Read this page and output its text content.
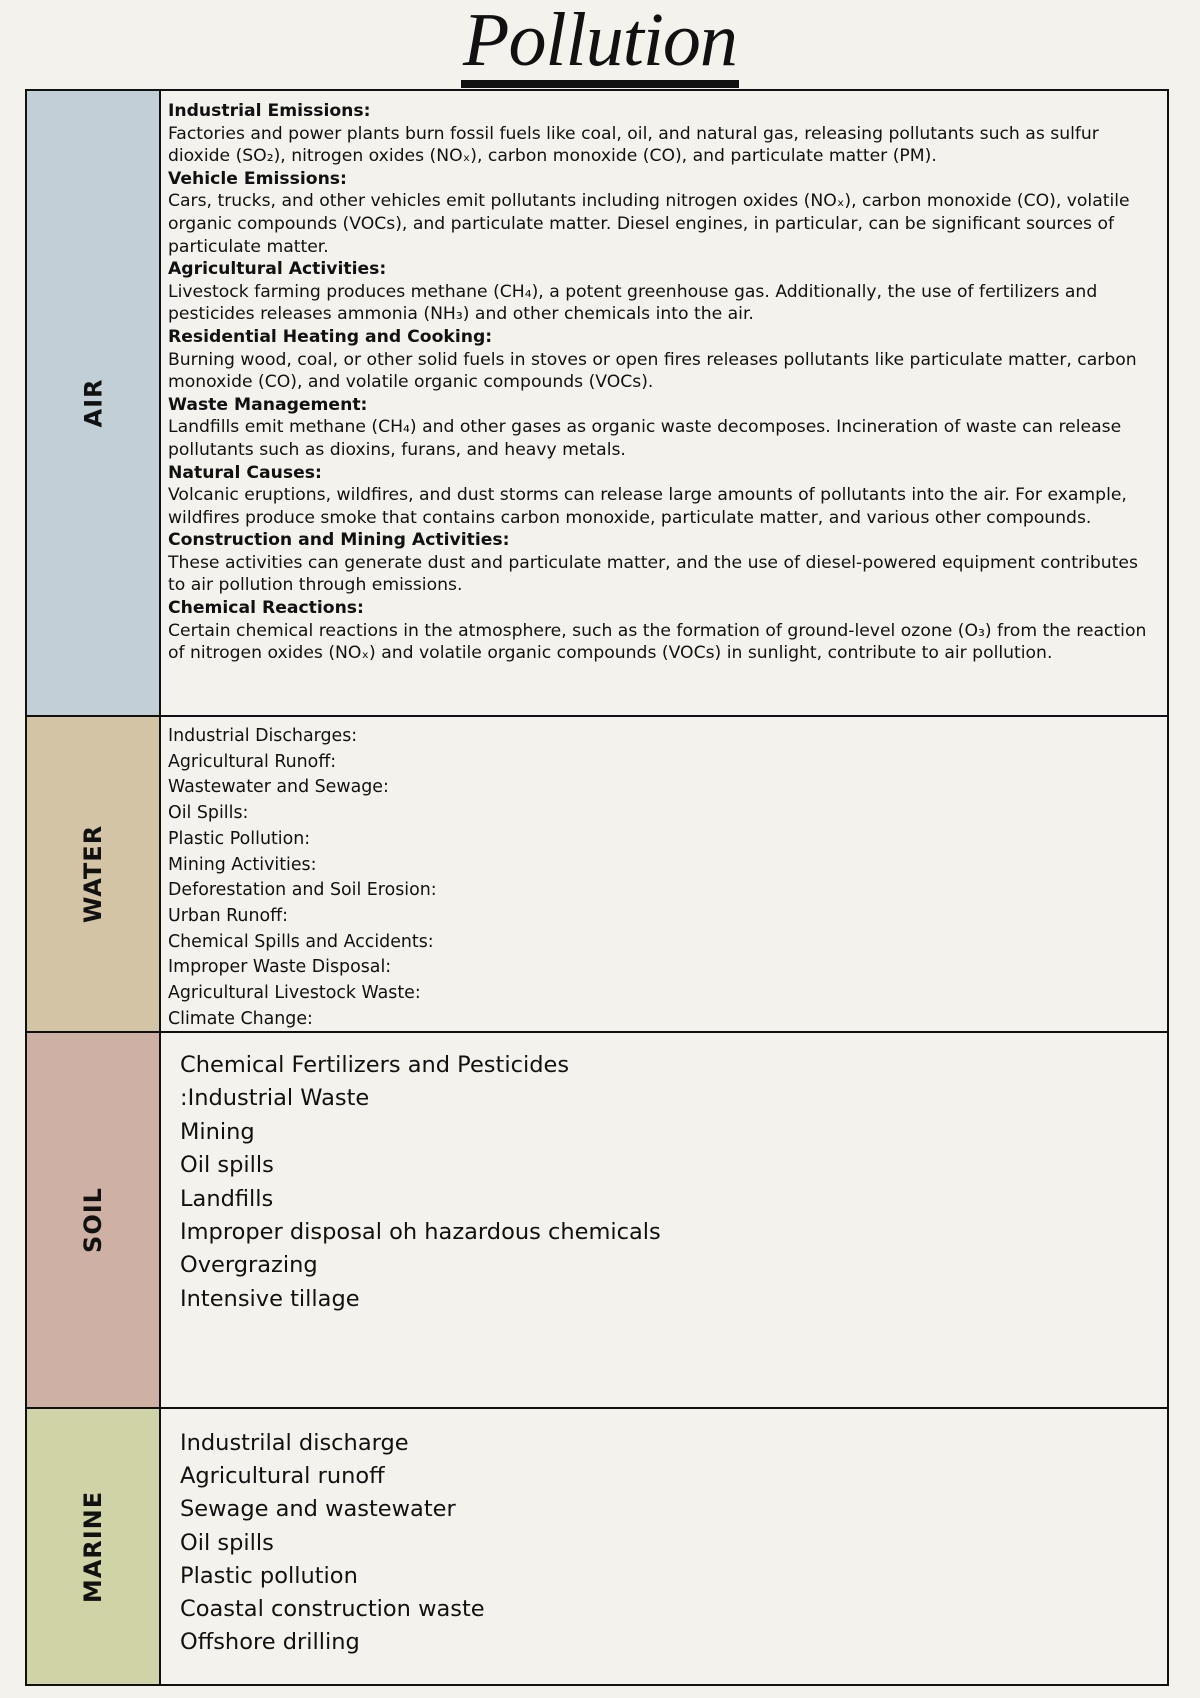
Pollution
AIR
Industrial Emissions:

Factories and power plants burn fossil fuels like coal, oil, and natural gas, releasing pollutants such as sulfur dioxide (SO₂), nitrogen oxides (NOₓ), carbon monoxide (CO), and particulate matter (PM).

Vehicle Emissions:

Cars, trucks, and other vehicles emit pollutants including nitrogen oxides (NOₓ), carbon monoxide (CO), volatile organic compounds (VOCs), and particulate matter. Diesel engines, in particular, can be significant sources of particulate matter.

Agricultural Activities:

Livestock farming produces methane (CH₄), a potent greenhouse gas. Additionally, the use of fertilizers and pesticides releases ammonia (NH₃) and other chemicals into the air.

Residential Heating and Cooking:

Burning wood, coal, or other solid fuels in stoves or open fires releases pollutants like particulate matter, carbon monoxide (CO), and volatile organic compounds (VOCs).

Waste Management:

Landfills emit methane (CH₄) and other gases as organic waste decomposes. Incineration of waste can release pollutants such as dioxins, furans, and heavy metals.

Natural Causes:

Volcanic eruptions, wildfires, and dust storms can release large amounts of pollutants into the air. For example, wildfires produce smoke that contains carbon monoxide, particulate matter, and various other compounds.

Construction and Mining Activities:

These activities can generate dust and particulate matter, and the use of diesel-powered equipment contributes to air pollution through emissions.

Chemical Reactions:

Certain chemical reactions in the atmosphere, such as the formation of ground-level ozone (O₃) from the reaction of nitrogen oxides (NOₓ) and volatile organic compounds (VOCs) in sunlight, contribute to air pollution.

WATER
Industrial Discharges:
Agricultural Runoff:
Wastewater and Sewage:
Oil Spills:
Plastic Pollution:
Mining Activities:
Deforestation and Soil Erosion:
Urban Runoff:
Chemical Spills and Accidents:
Improper Waste Disposal:
Agricultural Livestock Waste:
Climate Change:
SOIL
Chemical Fertilizers and Pesticides
:Industrial Waste
Mining
Oil spills
Landfills
Improper disposal oh hazardous chemicals
Overgrazing
Intensive tillage
MARINE
Industrilal discharge
Agricultural runoff
Sewage and wastewater
Oil spills
Plastic pollution
Coastal construction waste
Offshore drilling
